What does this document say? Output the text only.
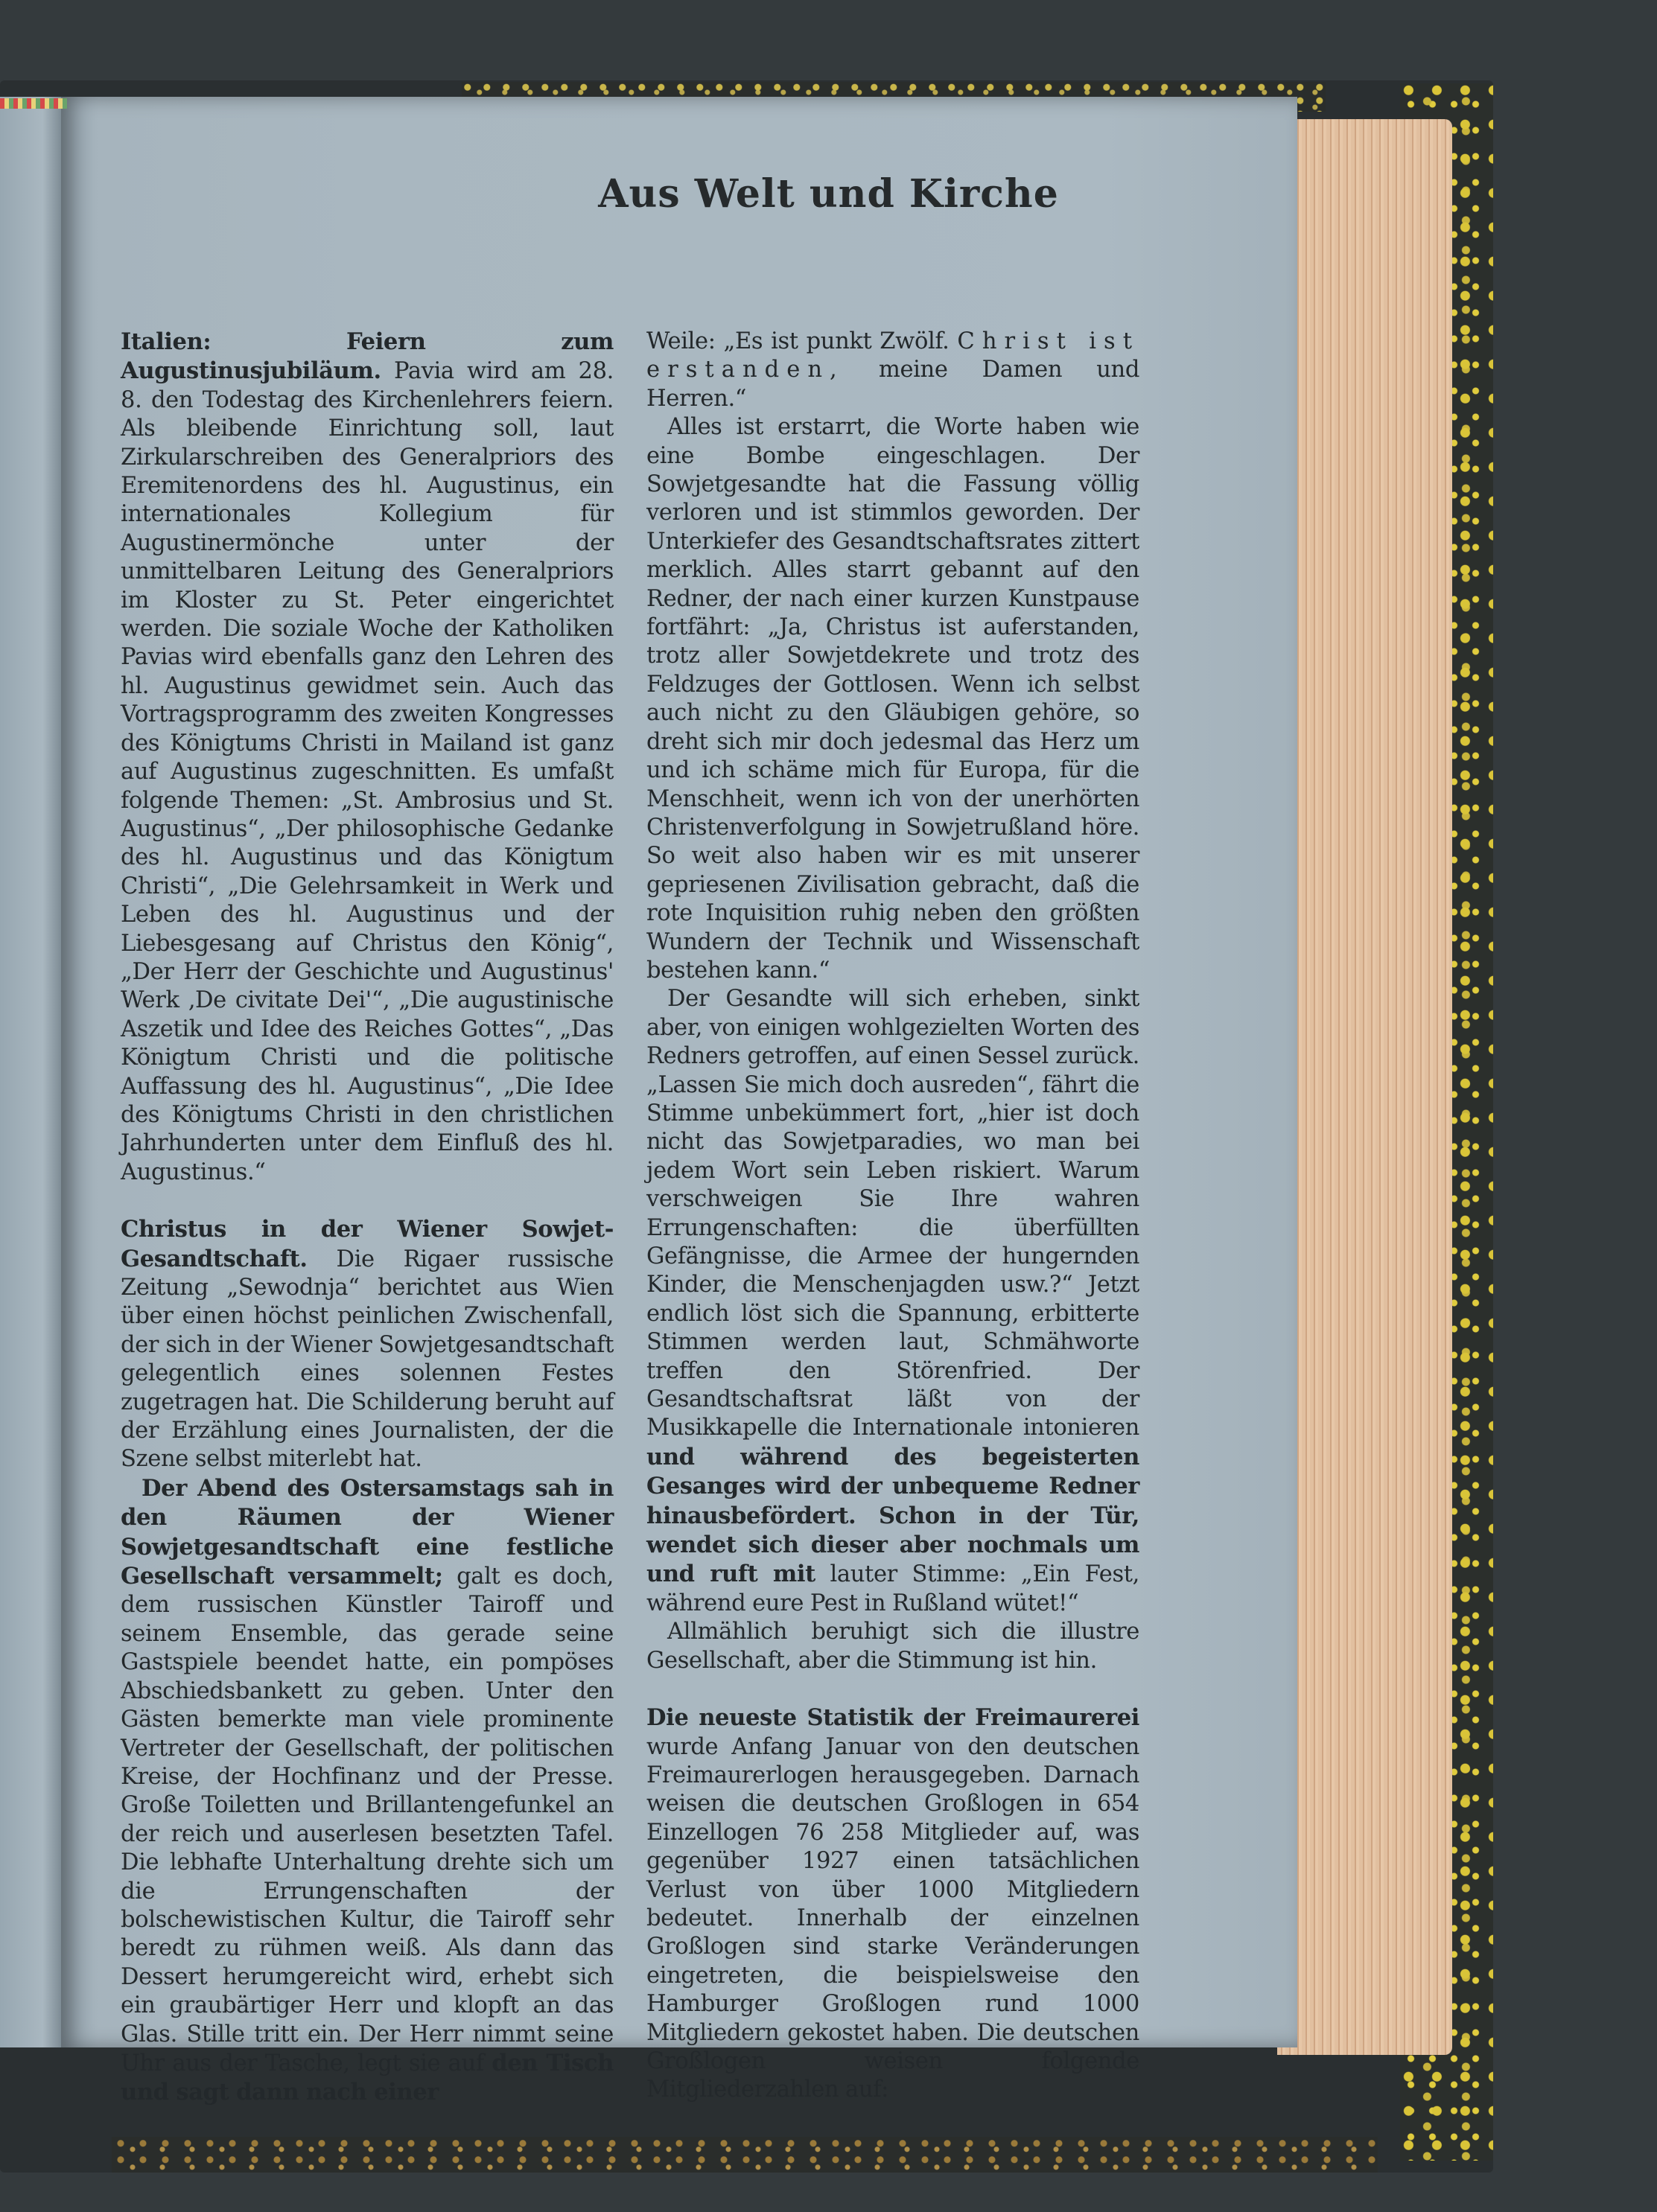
Aus Welt und Kirche

Italien: Feiern zum Augustinusjubiläum. Pavia wird am 28. 8. den Todestag des Kirchenlehrers feiern. Als bleibende Einrichtung soll, laut Zirkularschreiben des Generalpriors des Eremitenordens des hl. Augustinus, ein internationales Kollegium für Augustinermönche unter der unmittelbaren Leitung des Generalpriors im Kloster zu St. Peter eingerichtet werden. Die soziale Woche der Katholiken Pavias wird ebenfalls ganz den Lehren des hl. Augustinus gewidmet sein. Auch das Vortragsprogramm des zweiten Kongresses des Königtums Christi in Mailand ist ganz auf Augustinus zugeschnitten. Es umfaßt folgende Themen: „St. Ambrosius und St. Augustinus“, „Der philosophische Gedanke des hl. Augustinus und das Königtum Christi“, „Die Gelehrsamkeit in Werk und Leben des hl. Augustinus und der Liebesgesang auf Christus den König“, „Der Herr der Geschichte und Augustinus' Werk ‚De civitate Dei'“, „Die augustinische Aszetik und Idee des Reiches Gottes“, „Das Königtum Christi und die politische Auffassung des hl. Augustinus“, „Die Idee des Königtums Christi in den christlichen Jahrhunderten unter dem Einfluß des hl. Augustinus.“

Christus in der Wiener Sowjet-Gesandtschaft. Die Rigaer russische Zeitung „Sewodnja“ berichtet aus Wien über einen höchst peinlichen Zwischenfall, der sich in der Wiener Sowjetgesandtschaft gelegentlich eines solennen Festes zugetragen hat. Die Schilderung beruht auf der Erzählung eines Journalisten, der die Szene selbst miterlebt hat.

Der Abend des Ostersamstags sah in den Räumen der Wiener Sowjetgesandtschaft eine festliche Gesellschaft versammelt; galt es doch, dem russischen Künstler Tairoff und seinem Ensemble, das gerade seine Gastspiele beendet hatte, ein pompöses Abschiedsbankett zu geben. Unter den Gästen bemerkte man viele prominente Vertreter der Gesellschaft, der politischen Kreise, der Hochfinanz und der Presse. Große Toiletten und Brillantengefunkel an der reich und auserlesen besetzten Tafel. Die lebhafte Unterhaltung drehte sich um die Errungenschaften der bolschewistischen Kultur, die Tairoff sehr beredt zu rühmen weiß. Als dann das Dessert herumgereicht wird, erhebt sich ein graubärtiger Herr und klopft an das Glas. Stille tritt ein. Der Herr nimmt seine Uhr aus der Tasche, legt sie auf den Tisch und sagt dann nach einer

Weile: „Es ist punkt Zwölf. Christ ist erstanden, meine Damen und Herren.“

Alles ist erstarrt, die Worte haben wie eine Bombe eingeschlagen. Der Sowjetgesandte hat die Fassung völlig verloren und ist stimmlos geworden. Der Unterkiefer des Gesandtschaftsrates zittert merklich. Alles starrt gebannt auf den Redner, der nach einer kurzen Kunstpause fortfährt: „Ja, Christus ist auferstanden, trotz aller Sowjetdekrete und trotz des Feldzuges der Gottlosen. Wenn ich selbst auch nicht zu den Gläubigen gehöre, so dreht sich mir doch jedesmal das Herz um und ich schäme mich für Europa, für die Menschheit, wenn ich von der unerhörten Christenverfolgung in Sowjetrußland höre. So weit also haben wir es mit unserer gepriesenen Zivilisation gebracht, daß die rote Inquisition ruhig neben den größten Wundern der Technik und Wissenschaft bestehen kann.“

Der Gesandte will sich erheben, sinkt aber, von einigen wohlgezielten Worten des Redners getroffen, auf einen Sessel zurück. „Lassen Sie mich doch ausreden“, fährt die Stimme unbekümmert fort, „hier ist doch nicht das Sowjetparadies, wo man bei jedem Wort sein Leben riskiert. Warum verschweigen Sie Ihre wahren Errungenschaften: die überfüllten Gefängnisse, die Armee der hungernden Kinder, die Menschenjagden usw.?“ Jetzt endlich löst sich die Spannung, erbitterte Stimmen werden laut, Schmähworte treffen den Störenfried. Der Gesandtschaftsrat läßt von der Musikkapelle die Internationale intonieren und während des begeisterten Gesanges wird der unbequeme Redner hinausbefördert. Schon in der Tür, wendet sich dieser aber nochmals um und ruft mit lauter Stimme: „Ein Fest, während eure Pest in Rußland wütet!“

Allmählich beruhigt sich die illustre Gesellschaft, aber die Stimmung ist hin.

Die neueste Statistik der Freimaurerei wurde Anfang Januar von den deutschen Freimaurerlogen herausgegeben. Darnach weisen die deutschen Großlogen in 654 Einzellogen 76 258 Mitglieder auf, was gegenüber 1927 einen tatsächlichen Verlust von über 1000 Mitgliedern bedeutet. Innerhalb der einzelnen Großlogen sind starke Veränderungen eingetreten, die beispielsweise den Hamburger Großlogen rund 1000 Mitgliedern gekostet haben. Die deutschen Großlogen weisen folgende Mitgliederzahlen auf:
